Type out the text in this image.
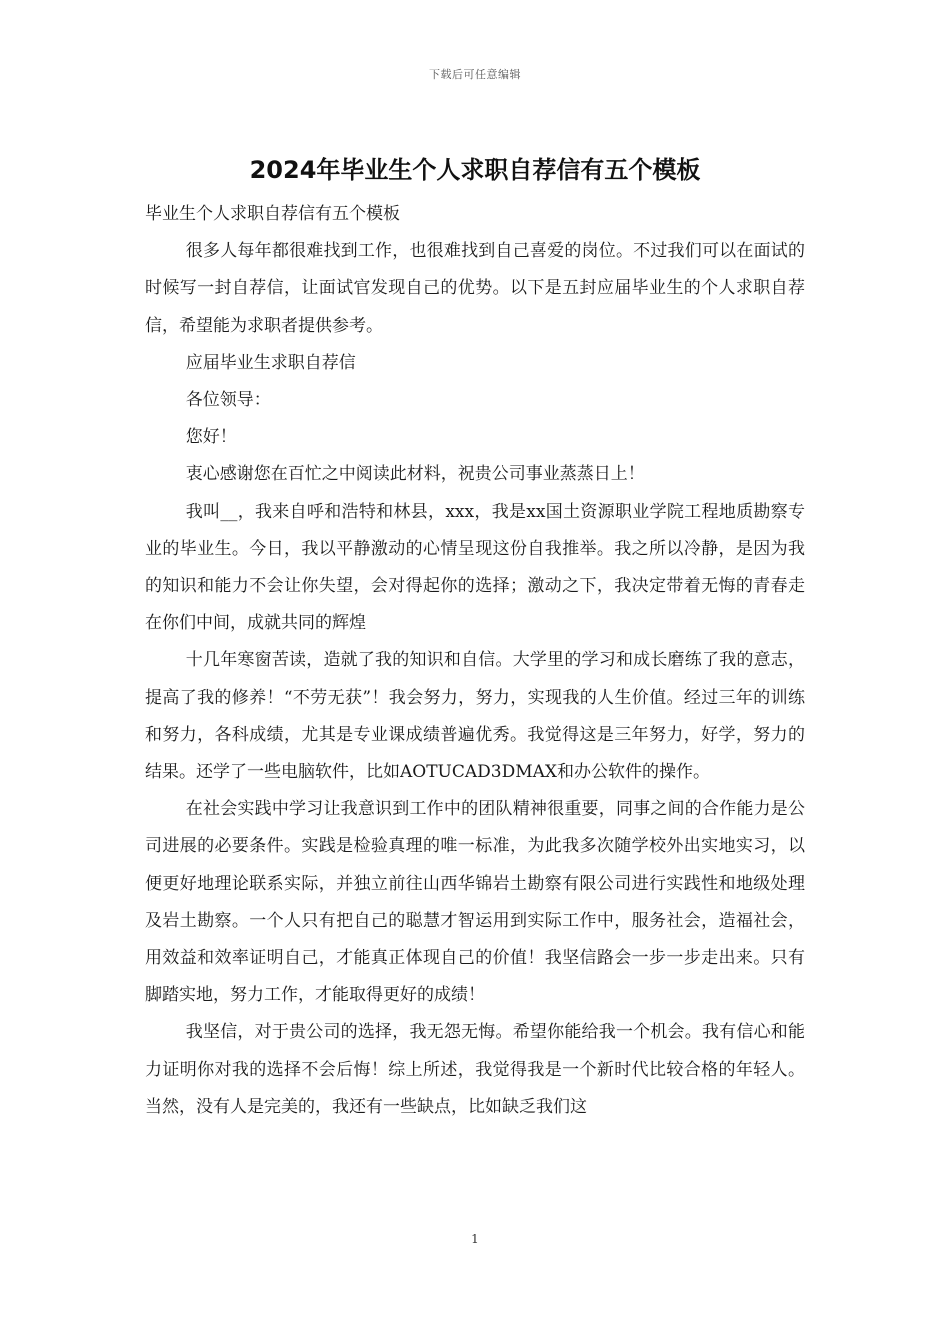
下载后可任意编辑
2024年毕业生个人求职自荐信有五个模板

毕业生个人求职自荐信有五个模板

很多人每年都很难找到工作，也很难找到自己喜爱的岗位。不过我们可以在面试的时候写一封自荐信，让面试官发现自己的优势。以下是五封应届毕业生的个人求职自荐信，希望能为求职者提供参考。

应届毕业生求职自荐信

各位领导：

您好！

衷心感谢您在百忙之中阅读此材料，祝贵公司事业蒸蒸日上！

我叫__，我来自呼和浩特和林县，xxx，我是xx国土资源职业学院工程地质勘察专业的毕业生。今日，我以平静激动的心情呈现这份自我推举。我之所以冷静，是因为我的知识和能力不会让你失望，会对得起你的选择；激动之下，我决定带着无悔的青春走在你们中间，成就共同的辉煌

十几年寒窗苦读，造就了我的知识和自信。大学里的学习和成长磨练了我的意志，提高了我的修养！“不劳无获”！我会努力，努力，实现我的人生价值。经过三年的训练和努力，各科成绩，尤其是专业课成绩普遍优秀。我觉得这是三年努力，好学，努力的结果。还学了一些电脑软件，比如AOTUCAD3DMAX和办公软件的操作。

在社会实践中学习让我意识到工作中的团队精神很重要，同事之间的合作能力是公司进展的必要条件。实践是检验真理的唯一标准，为此我多次随学校外出实地实习，以便更好地理论联系实际，并独立前往山西华锦岩土勘察有限公司进行实践性和地级处理及岩土勘察。一个人只有把自己的聪慧才智运用到实际工作中，服务社会，造福社会，用效益和效率证明自己，才能真正体现自己的价值！我坚信路会一步一步走出来。只有脚踏实地，努力工作，才能取得更好的成绩！

我坚信，对于贵公司的选择，我无怨无悔。希望你能给我一个机会。我有信心和能力证明你对我的选择不会后悔！综上所述，我觉得我是一个新时代比较合格的年轻人。当然，没有人是完美的，我还有一些缺点，比如缺乏我们这

1
